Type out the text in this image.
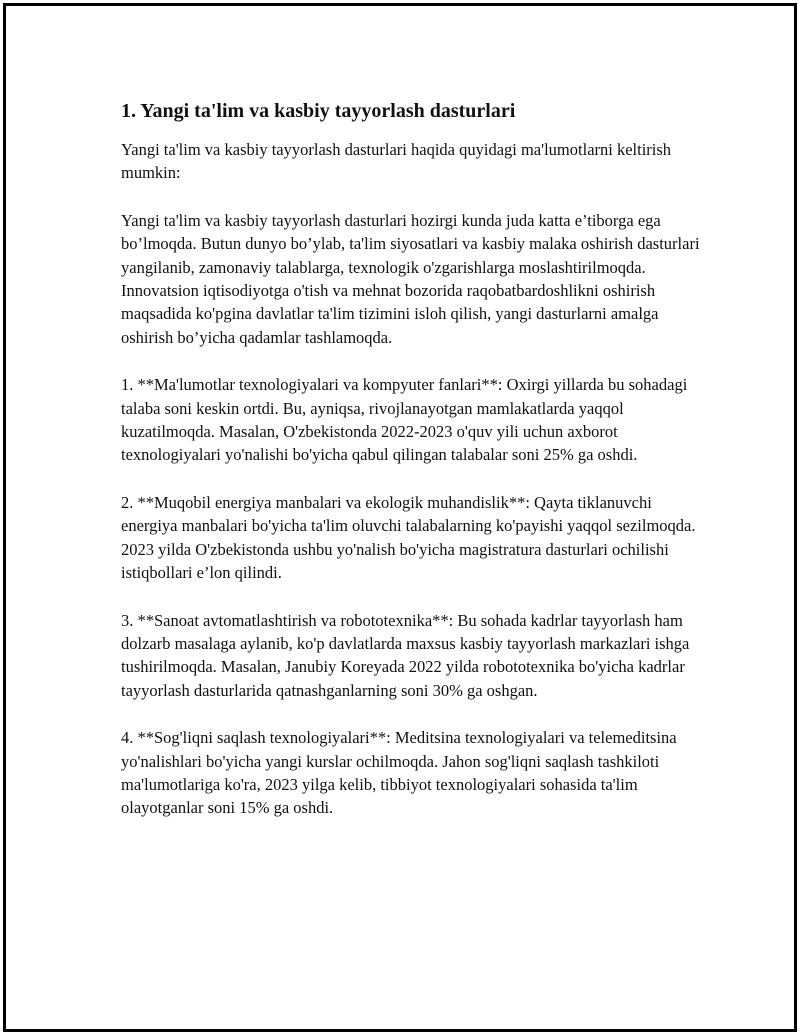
1. Yangi ta'lim va kasbiy tayyorlash dasturlari

Yangi ta'lim va kasbiy tayyorlash dasturlari haqida quyidagi ma'lumotlarni keltirish mumkin:

Yangi ta'lim va kasbiy tayyorlash dasturlari hozirgi kunda juda katta e’tiborga ega bo’lmoqda. Butun dunyo bo’ylab, ta'lim siyosatlari va kasbiy malaka oshirish dasturlari yangilanib, zamonaviy talablarga, texnologik o'zgarishlarga moslashtirilmoqda. Innovatsion iqtisodiyotga o'tish va mehnat bozorida raqobatbardoshlikni oshirish maqsadida ko'pgina davlatlar ta'lim tizimini isloh qilish, yangi dasturlarni amalga oshirish bo’yicha qadamlar tashlamoqda.

1. **Ma'lumotlar texnologiyalari va kompyuter fanlari**: Oxirgi yillarda bu sohadagi talaba soni keskin ortdi. Bu, ayniqsa, rivojlanayotgan mamlakatlarda yaqqol kuzatilmoqda. Masalan, O'zbekistonda 2022-2023 o'quv yili uchun axborot texnologiyalari yo'nalishi bo'yicha qabul qilingan talabalar soni 25% ga oshdi.

2. **Muqobil energiya manbalari va ekologik muhandislik**: Qayta tiklanuvchi energiya manbalari bo'yicha ta'lim oluvchi talabalarning ko'payishi yaqqol sezilmoqda. 2023 yilda O'zbekistonda ushbu yo'nalish bo'yicha magistratura dasturlari ochilishi istiqbollari e’lon qilindi.

3. **Sanoat avtomatlashtirish va robototexnika**: Bu sohada kadrlar tayyorlash ham dolzarb masalaga aylanib, ko'p davlatlarda maxsus kasbiy tayyorlash markazlari ishga tushirilmoqda. Masalan, Janubiy Koreyada 2022 yilda robototexnika bo'yicha kadrlar tayyorlash dasturlarida qatnashganlarning soni 30% ga oshgan.

4. **Sog'liqni saqlash texnologiyalari**: Meditsina texnologiyalari va telemeditsina yo'nalishlari bo'yicha yangi kurslar ochilmoqda. Jahon sog'liqni saqlash tashkiloti ma'lumotlariga ko'ra, 2023 yilga kelib, tibbiyot texnologiyalari sohasida ta'lim olayotganlar soni 15% ga oshdi.
